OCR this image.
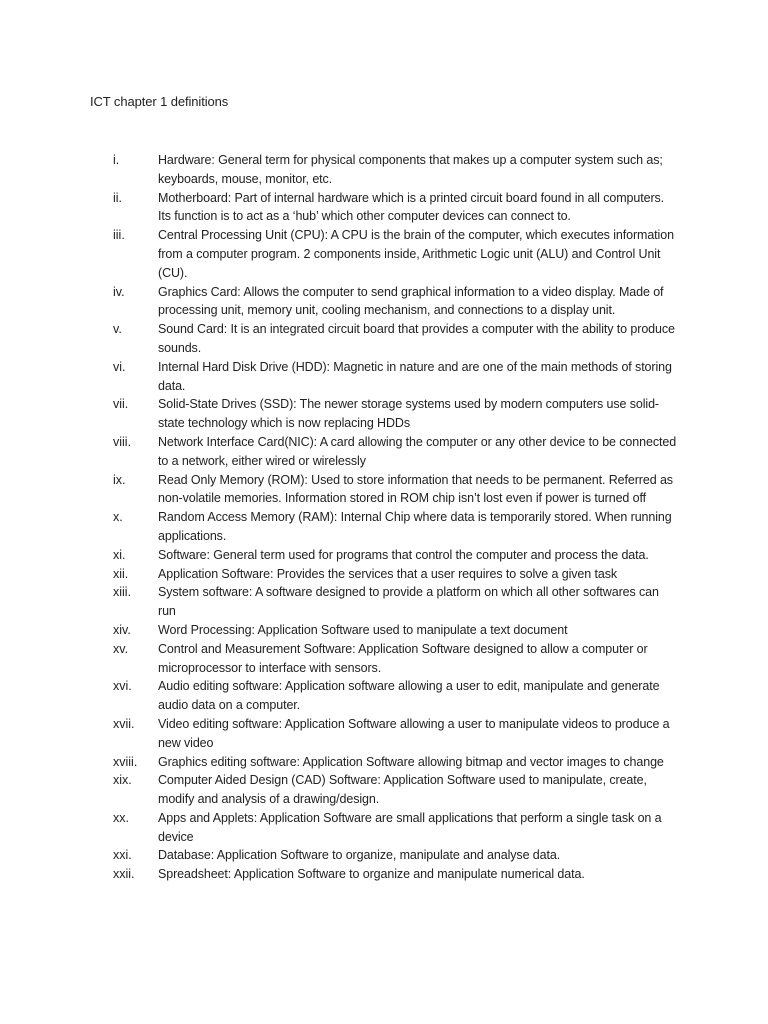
ICT chapter 1 definitions
i.	Hardware: General term for physical components that makes up a computer system such as; keyboards, mouse, monitor, etc.
ii.	Motherboard: Part of internal hardware which is a printed circuit board found in all computers. Its function is to act as a ‘hub’ which other computer devices can connect to.
iii.	Central Processing Unit (CPU): A CPU is the brain of the computer, which executes information from a computer program. 2 components inside, Arithmetic Logic unit (ALU) and Control Unit (CU).
iv.	Graphics Card: Allows the computer to send graphical information to a video display. Made of processing unit, memory unit, cooling mechanism, and connections to a display unit.
v.	Sound Card: It is an integrated circuit board that provides a computer with the ability to produce sounds.
vi.	Internal Hard Disk Drive (HDD): Magnetic in nature and are one of the main methods of storing data.
vii. Solid-State Drives (SSD): The newer storage systems used by modern computers use solid-state technology which is now replacing HDDs
viii. Network Interface Card(NIC): A card allowing the computer or any other device to be connected to a network, either wired or wirelessly
ix.	Read Only Memory (ROM): Used to store information that needs to be permanent. Referred as non-volatile memories. Information stored in ROM chip isn’t lost even if power is turned off
x.	Random Access Memory (RAM): Internal Chip where data is temporarily stored. When running applications.
xi.	Software: General term used for programs that control the computer and process the data.
xii. Application Software: Provides the services that a user requires to solve a given task
xiii. System software: A software designed to provide a platform on which all other softwares can run
xiv. Word Processing: Application Software used to manipulate a text document
xv. Control and Measurement Software: Application Software designed to allow a computer or microprocessor to interface with sensors.
xvi. Audio editing software: Application software allowing a user to edit, manipulate and generate audio data on a computer.
xvii. Video editing software: Application Software allowing a user to manipulate videos to produce a new video
xviii. Graphics editing software: Application Software allowing bitmap and vector images to change
xix. Computer Aided Design (CAD) Software: Application Software used to manipulate, create, modify and analysis of a drawing/design.
xx. Apps and Applets: Application Software are small applications that perform a single task on a device
xxi. Database: Application Software to organize, manipulate and analyse data.
xxii. Spreadsheet: Application Software to organize and manipulate numerical data.
